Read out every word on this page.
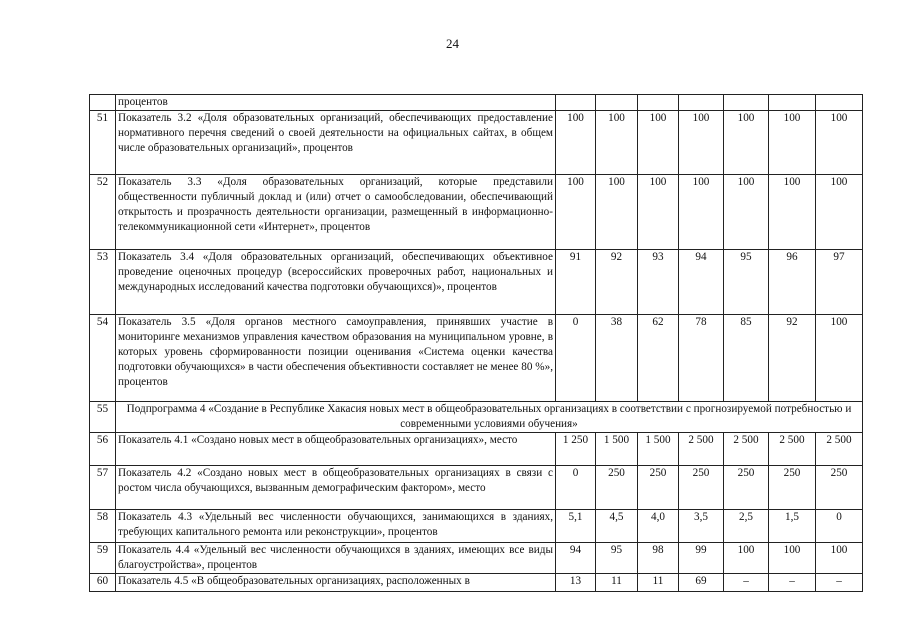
24
	процентов							
51	Показатель 3.2 «Доля образовательных организаций, обеспечивающих предоставление нормативного перечня сведений о своей деятельности на официальных сайтах, в общем числе образовательных организаций», процентов	100	100	100	100	100	100	100
52	Показатель 3.3 «Доля образовательных организаций, которые представили общественности публичный доклад и (или) отчет о самообследовании, обеспечивающий открытость и прозрачность деятельности организации, размещенный в информационно-телекоммуникационной сети «Интернет», процентов	100	100	100	100	100	100	100
53	Показатель 3.4 «Доля образовательных организаций, обеспечивающих объективное проведение оценочных процедур (всероссийских проверочных работ, национальных и международных исследований качества подготовки обучающихся)», процентов	91	92	93	94	95	96	97
54	Показатель 3.5 «Доля органов местного самоуправления, принявших участие в мониторинге механизмов управления качеством образования на муниципальном уровне, в которых уровень сформированности позиции оценивания «Система оценки качества подготовки обучающихся» в части обеспечения объективности составляет не менее 80 %», процентов	0	38	62	78	85	92	100
55	Подпрограмма 4 «Создание в Республике Хакасия новых мест в общеобразовательных организациях в соответствии с прогнозируемой потребностью и современными условиями обучения»							
56	Показатель 4.1 «Создано новых мест в общеобразовательных организациях», место	1 250	1 500	1 500	2 500	2 500	2 500	2 500
57	Показатель 4.2 «Создано новых мест в общеобразовательных организациях в связи с ростом числа обучающихся, вызванным демографическим фактором», место	0	250	250	250	250	250	250
58	Показатель 4.3 «Удельный вес численности обучающихся, занимающихся в зданиях, требующих капитального ремонта или реконструкции», процентов	5,1	4,5	4,0	3,5	2,5	1,5	0
59	Показатель 4.4 «Удельный вес численности обучающихся в зданиях, имеющих все виды благоустройства», процентов	94	95	98	99	100	100	100
60	Показатель 4.5 «В общеобразовательных организациях, расположенных в	13	11	11	69	–	–	–
